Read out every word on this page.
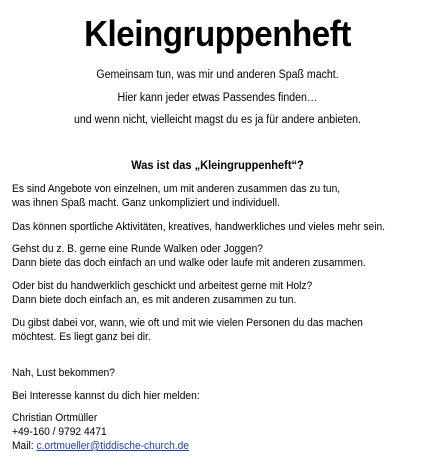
Kleingruppenheft
Gemeinsam tun, was mir und anderen Spaß macht.
Hier kann jeder etwas Passendes finden…
und wenn nicht, vielleicht magst du es ja für andere anbieten.
Was ist das „Kleingruppenheft“?
Es sind Angebote von einzelnen, um mit anderen zusammen das zu tun,
was ihnen Spaß macht. Ganz unkompliziert und individuell.
Das können sportliche Aktivitäten, kreatives, handwerkliches und vieles mehr sein.
Gehst du z. B. gerne eine Runde Walken oder Joggen?
Dann biete das doch einfach an und walke oder laufe mit anderen zusammen.
Oder bist du handwerklich geschickt und arbeitest gerne mit Holz?
Dann biete doch einfach an, es mit anderen zusammen zu tun.
Du gibst dabei vor, wann, wie oft und mit wie vielen Personen du das machen
möchtest. Es liegt ganz bei dir.
Nah, Lust bekommen?
Bei Interesse kannst du dich hier melden:
Christian Ortmüller
+49-160 / 9792 4471
Mail: c.ortmueller@tiddische-church.de
